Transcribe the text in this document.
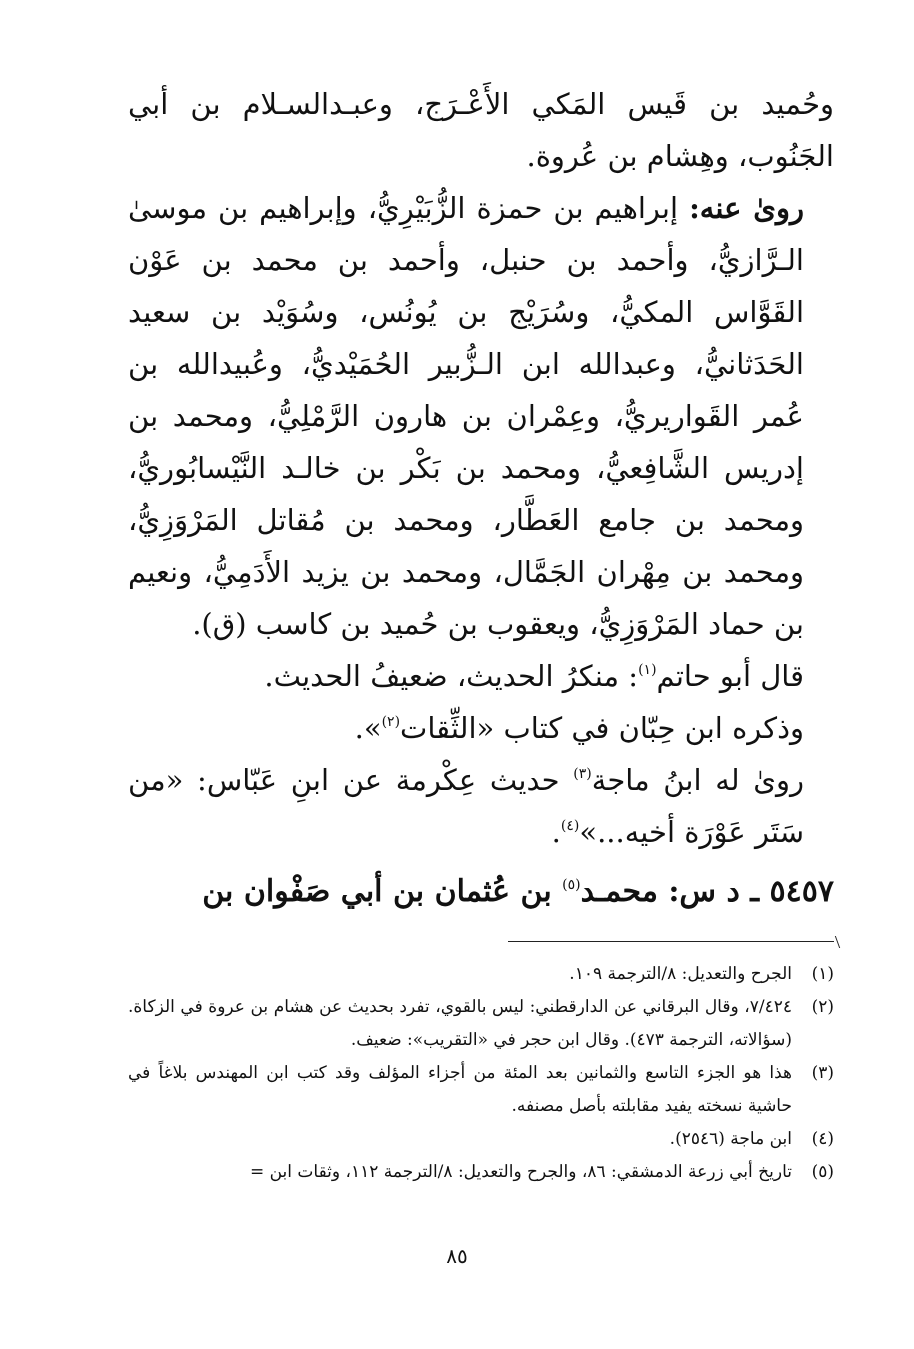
وحُميد بن قَيس المَكي الأَعْـرَج، وعبـدالسـلام بن أبي الجَنُوب، وهِشام بن عُروة.

روىٰ عنه: إبراهيم بن حمزة الزُّبَيْرِيُّ، وإبراهيم بن موسىٰ الـرَّازيُّ، وأحمد بن حنبل، وأحمد بن محمد بن عَوْن القَوَّاس المكيُّ، وسُرَيْج بن يُونُس، وسُوَيْد بن سعيد الحَدَثانيُّ، وعبدالله ابن الـزُّبير الحُمَيْديُّ، وعُبيدالله بن عُمر القَواريريُّ، وعِمْران بن هارون الرَّمْلِيُّ، ومحمد بن إدريس الشَّافِعيُّ، ومحمد بن بَكْر بن خالـد النَّيْسابُوريُّ، ومحمد بن جامع العَطَّار، ومحمد بن مُقاتل المَرْوَزِيُّ، ومحمد بن مِهْران الجَمَّال، ومحمد بن يزيد الأَدَمِيُّ، ونعيم بن حماد المَرْوَزِيُّ، ويعقوب بن حُميد بن كاسب (ق).

قال أبو حاتم$^{(١)}$: منكرُ الحديث، ضعيفُ الحديث.

وذكره ابن حِبّان في كتاب «الثِّقات$^{(٢)}$».

روىٰ له ابنُ ماجة$^{(٣)}$ حديث عِكْرمة عن ابنِ عَبّاس: «من سَتَر عَوْرَة أخيه...»$^{(٤)}$.

٥٤٥٧ ـ د س: محمـد$^{(٥)}$ بن عُثمان بن أبي صَفْوان بن
(١)
الجرح والتعديل: ٨/الترجمة ١٠٩.
(٢)
٧/٤٢٤، وقال البرقاني عن الدارقطني: ليس بالقوي، تفرد بحديث عن هشام بن عروة في الزكاة. (سؤالاته، الترجمة ٤٧٣). وقال ابن حجر في «التقريب»: ضعيف.
(٣)
هذا هو الجزء التاسع والثمانين بعد المئة من أجزاء المؤلف وقد كتب ابن المهندس بلاغاً في حاشية نسخته يفيد مقابلته بأصل مصنفه.
(٤)
ابن ماجة (٢٥٤٦).
(٥)
تاريخ أبي زرعة الدمشقي: ٨٦، والجرح والتعديل: ٨/الترجمة ١١٢، وثقات ابن =
٨٥
